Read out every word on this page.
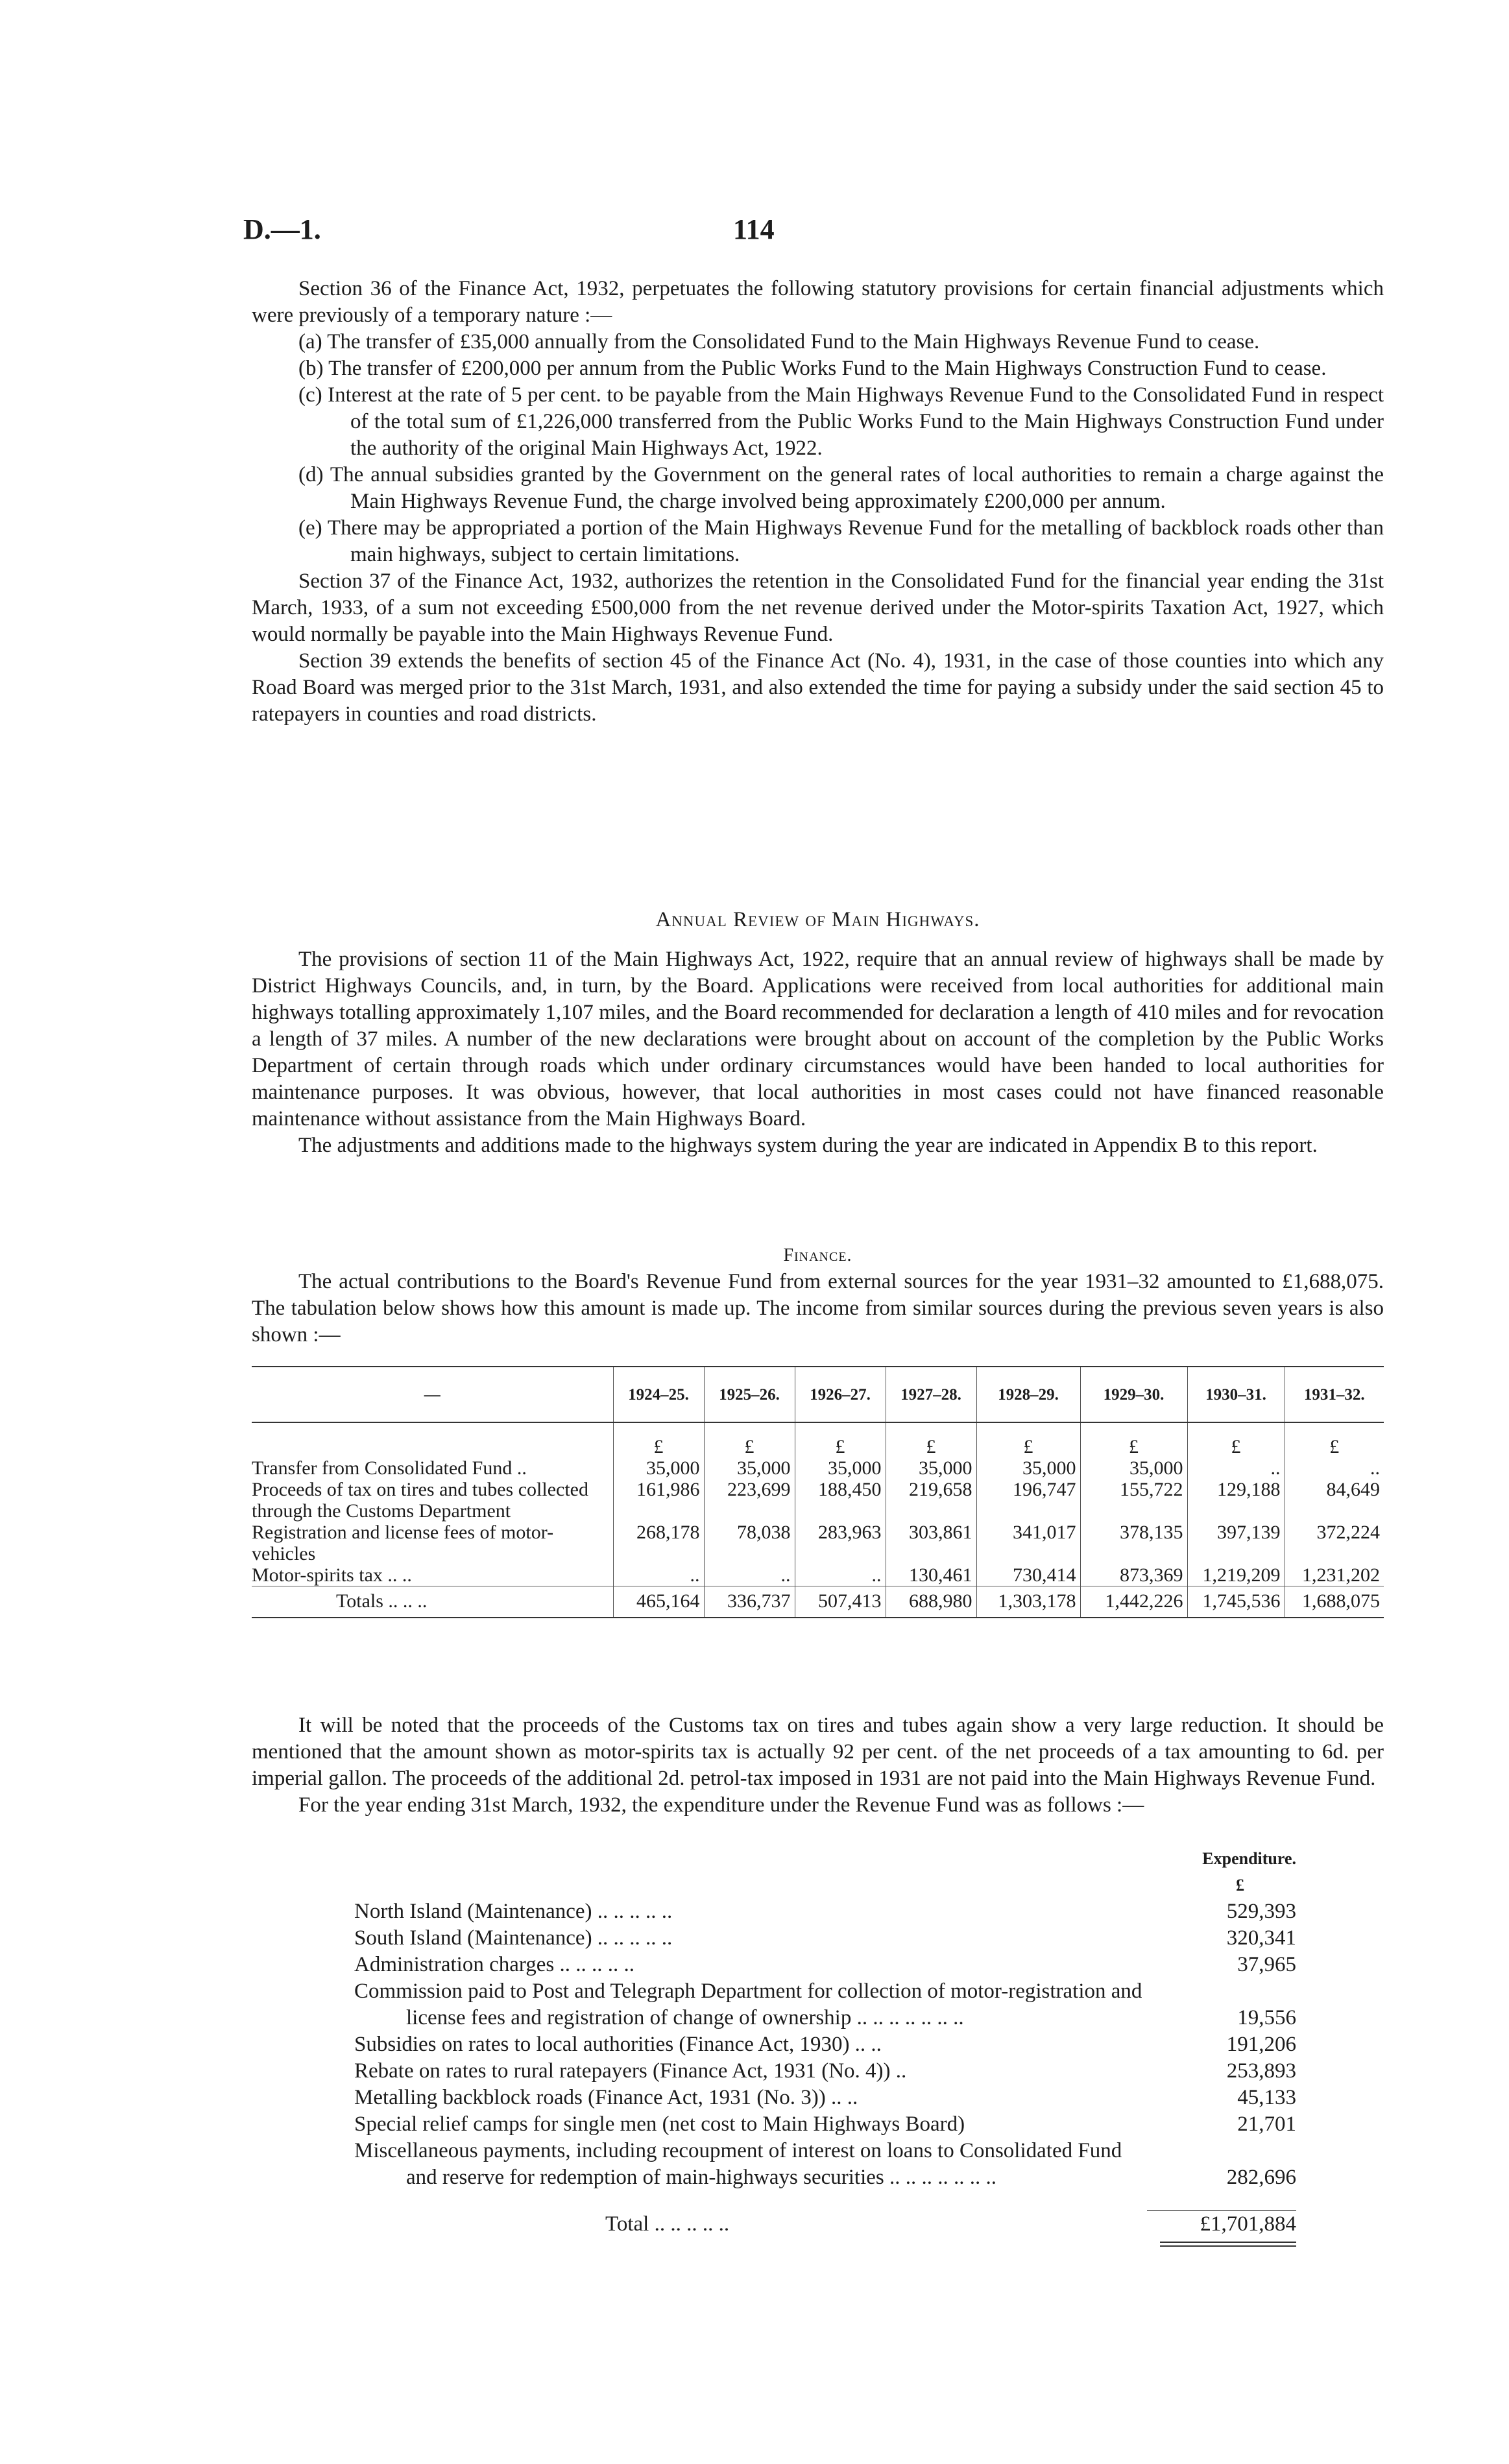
D.—1.	114

Section 36 of the Finance Act, 1932, perpetuates the following statutory provisions for certain financial adjustments which were previously of a temporary nature :—

(a) The transfer of £35,000 annually from the Consolidated Fund to the Main Highways Revenue Fund to cease.

(b) The transfer of £200,000 per annum from the Public Works Fund to the Main Highways Construction Fund to cease.

(c) Interest at the rate of 5 per cent. to be payable from the Main Highways Revenue Fund to the Consolidated Fund in respect of the total sum of £1,226,000 transferred from the Public Works Fund to the Main Highways Construction Fund under the authority of the original Main Highways Act, 1922.

(d) The annual subsidies granted by the Government on the general rates of local authorities to remain a charge against the Main Highways Revenue Fund, the charge involved being approximately £200,000 per annum.

(e) There may be appropriated a portion of the Main Highways Revenue Fund for the metalling of backblock roads other than main highways, subject to certain limitations.

Section 37 of the Finance Act, 1932, authorizes the retention in the Consolidated Fund for the financial year ending the 31st March, 1933, of a sum not exceeding £500,000 from the net revenue derived under the Motor-spirits Taxation Act, 1927, which would normally be payable into the Main Highways Revenue Fund.

Section 39 extends the benefits of section 45 of the Finance Act (No. 4), 1931, in the case of those counties into which any Road Board was merged prior to the 31st March, 1931, and also extended the time for paying a subsidy under the said section 45 to ratepayers in counties and road districts.

Annual Review of Main Highways.

The provisions of section 11 of the Main Highways Act, 1922, require that an annual review of highways shall be made by District Highways Councils, and, in turn, by the Board. Applications were received from local authorities for additional main highways totalling approximately 1,107 miles, and the Board recommended for declaration a length of 410 miles and for revocation a length of 37 miles. A number of the new declarations were brought about on account of the completion by the Public Works Department of certain through roads which under ordinary circumstances would have been handed to local authorities for maintenance purposes. It was obvious, however, that local authorities in most cases could not have financed reasonable maintenance without assistance from the Main Highways Board.

The adjustments and additions made to the highways system during the year are indicated in Appendix B to this report.

Finance.

The actual contributions to the Board's Revenue Fund from external sources for the year 1931–32 amounted to £1,688,075. The tabulation below shows how this amount is made up. The income from similar sources during the previous seven years is also shown :—

—	1924–25.	1925–26.	1926–27.	1927–28.	1928–29.	1929–30.	1930–31.	1931–32.
	£	£	£	£	£	£	£	£
Transfer from Consolidated Fund ..	35,000	35,000	35,000	35,000	35,000	35,000	..	..
Proceeds of tax on tires and tubes collected through the Customs Department	161,986	223,699	188,450	219,658	196,747	155,722	129,188	84,649
Registration and license fees of motor-vehicles	268,178	78,038	283,963	303,861	341,017	378,135	397,139	372,224
Motor-spirits tax .. ..	..	..	..	130,461	730,414	873,369	1,219,209	1,231,202
Totals .. .. ..	465,164	336,737	507,413	688,980	1,303,178	1,442,226	1,745,536	1,688,075

It will be noted that the proceeds of the Customs tax on tires and tubes again show a very large reduction. It should be mentioned that the amount shown as motor-spirits tax is actually 92 per cent. of the net proceeds of a tax amounting to 6d. per imperial gallon. The proceeds of the additional 2d. petrol-tax imposed in 1931 are not paid into the Main Highways Revenue Fund.

For the year ending 31st March, 1932, the expenditure under the Revenue Fund was as follows :—

Expenditure.
£
North Island (Maintenance) .. .. .. .. ..	529,393
South Island (Maintenance) .. .. .. .. ..	320,341
Administration charges .. .. .. .. ..	37,965
Commission paid to Post and Telegraph Department for collection of motor-registration and license fees and registration of change of ownership .. .. .. .. .. .. ..	19,556
Subsidies on rates to local authorities (Finance Act, 1930) .. ..	191,206
Rebate on rates to rural ratepayers (Finance Act, 1931 (No. 4)) ..	253,893
Metalling backblock roads (Finance Act, 1931 (No. 3)) .. ..	45,133
Special relief camps for single men (net cost to Main Highways Board)	21,701
Miscellaneous payments, including recoupment of interest on loans to Consolidated Fund and reserve for redemption of main-highways securities .. .. .. .. .. .. ..	282,696
Total .. .. .. .. ..	£1,701,884
